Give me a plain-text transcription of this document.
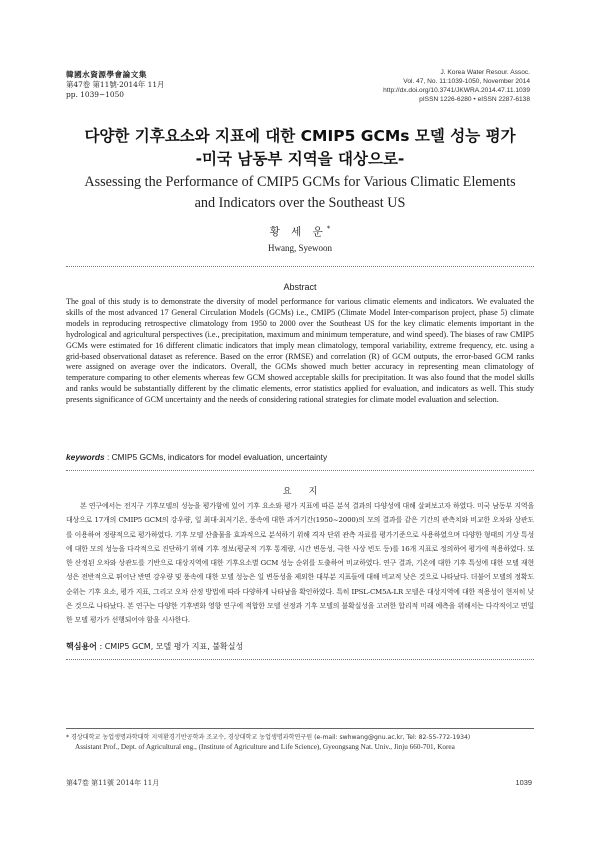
韓國水資源學會論文集
第47卷 第11號·2014年 11月
pp. 1039~1050
J. Korea Water Resour. Assoc.
Vol. 47, No. 11:1039-1050, November 2014
http://dx.doi.org/10.3741/JKWRA.2014.47.11.1039
pISSN 1226-6280 • eISSN 2287-6138
다양한 기후요소와 지표에 대한 CMIP5 GCMs 모델 성능 평가
-미국 남동부 지역을 대상으로-
Assessing the Performance of CMIP5 GCMs for Various Climatic Elements
and Indicators over the Southeast US
황 세 운*
Hwang, Syewoon
Abstract

The goal of this study is to demonstrate the diversity of model performance for various climatic elements and indicators. We evaluated the skills of the most advanced 17 General Circulation Models (GCMs) i.e., CMIP5 (Climate Model Inter-comparison project, phase 5) climate models in reproducing retrospective climatology from 1950 to 2000 over the Southeast US for the key climatic elements important in the hydrological and agricultural perspectives (i.e., precipitation, maximum and minimum temperature, and wind speed). The biases of raw CMIP5 GCMs were estimated for 16 different climatic indicators that imply mean climatology, temporal variability, extreme frequency, etc. using a grid-based observational dataset as reference. Based on the error (RMSE) and correlation (R) of GCM outputs, the error-based GCM ranks were assigned on average over the indicators. Overall, the GCMs showed much better accuracy in representing mean climatology of temperature comparing to other elements whereas few GCM showed acceptable skills for precipitation. It was also found that the model skills and ranks would be substantially different by the climatic elements, error statistics applied for evaluation, and indicators as well. This study presents significance of GCM uncertainty and the needs of considering rational strategies for climate model evaluation and selection.

keywords : CMIP5 GCMs, indicators for model evaluation, uncertainty
요      지

본 연구에서는 전지구 기후모델의 성능을 평가함에 있어 기후 요소와 평가 지표에 따른 분석 결과의 다양성에 대해 살펴보고자 하였다. 미국 남동부 지역을 대상으로 17개의 CMIP5 GCM의 강우량, 일 최대·최저기온, 풍속에 대한 과거기간(1950~2000)의 모의 결과를 같은 기간의 관측치와 비교한 오차와 상관도를 이용하여 정량적으로 평가하였다. 기후 모델 산출물을 효과적으로 분석하기 위해 격자 단위 관측 자료를 평가기준으로 사용하였으며 다양한 형태의 기상 특성에 대한 모의 성능을 다각적으로 진단하기 위해 기후 정보(평균적 기후 통계량, 시간 변동성, 극한 사상 빈도 등)를 16개 지표로 정의하여 평가에 적용하였다. 또한 산정된 오차와 상관도를 기반으로 대상지역에 대한 기후요소별 GCM 성능 순위를 도출하여 비교하였다. 연구 결과, 기온에 대한 기후 특성에 대한 모델 재현성은 전반적으로 뛰어난 반면 강우량 및 풍속에 대한 모델 성능은 일 변동성을 제외한 대부분 지표들에 대해 비교적 낮은 것으로 나타났다. 더불어 모델의 정확도 순위는 기후 요소, 평가 지표, 그리고 오차 산정 방법에 따라 다양하게 나타남을 확인하였다. 특히 IPSL-CM5A-LR 모델은 대상지역에 대한 적용성이 현저히 낮은 것으로 나타났다. 본 연구는 다양한 기후변화 영향 연구에 적합한 모델 선정과 기후 모델의 불확실성을 고려한 합리적 미래 예측을 위해서는 다각적이고 면밀한 모델 평가가 선행되어야 함을 시사한다.

핵심용어 : CMIP5 GCM, 모델 평가 지표, 불확실성
* 경상대학교 농업생명과학대학 지역환경기반공학과 조교수, 경상대학교 농업생명과학연구원 (e-mail: swhwang@gnu.ac.kr, Tel: 82-55-772-1934)
Assistant Prof., Dept. of Agricultural eng., (Institute of Agriculture and Life Science), Gyeongsang Nat. Univ., Jinju 660-701, Korea
第47卷 第11號 2014年 11月	1039
